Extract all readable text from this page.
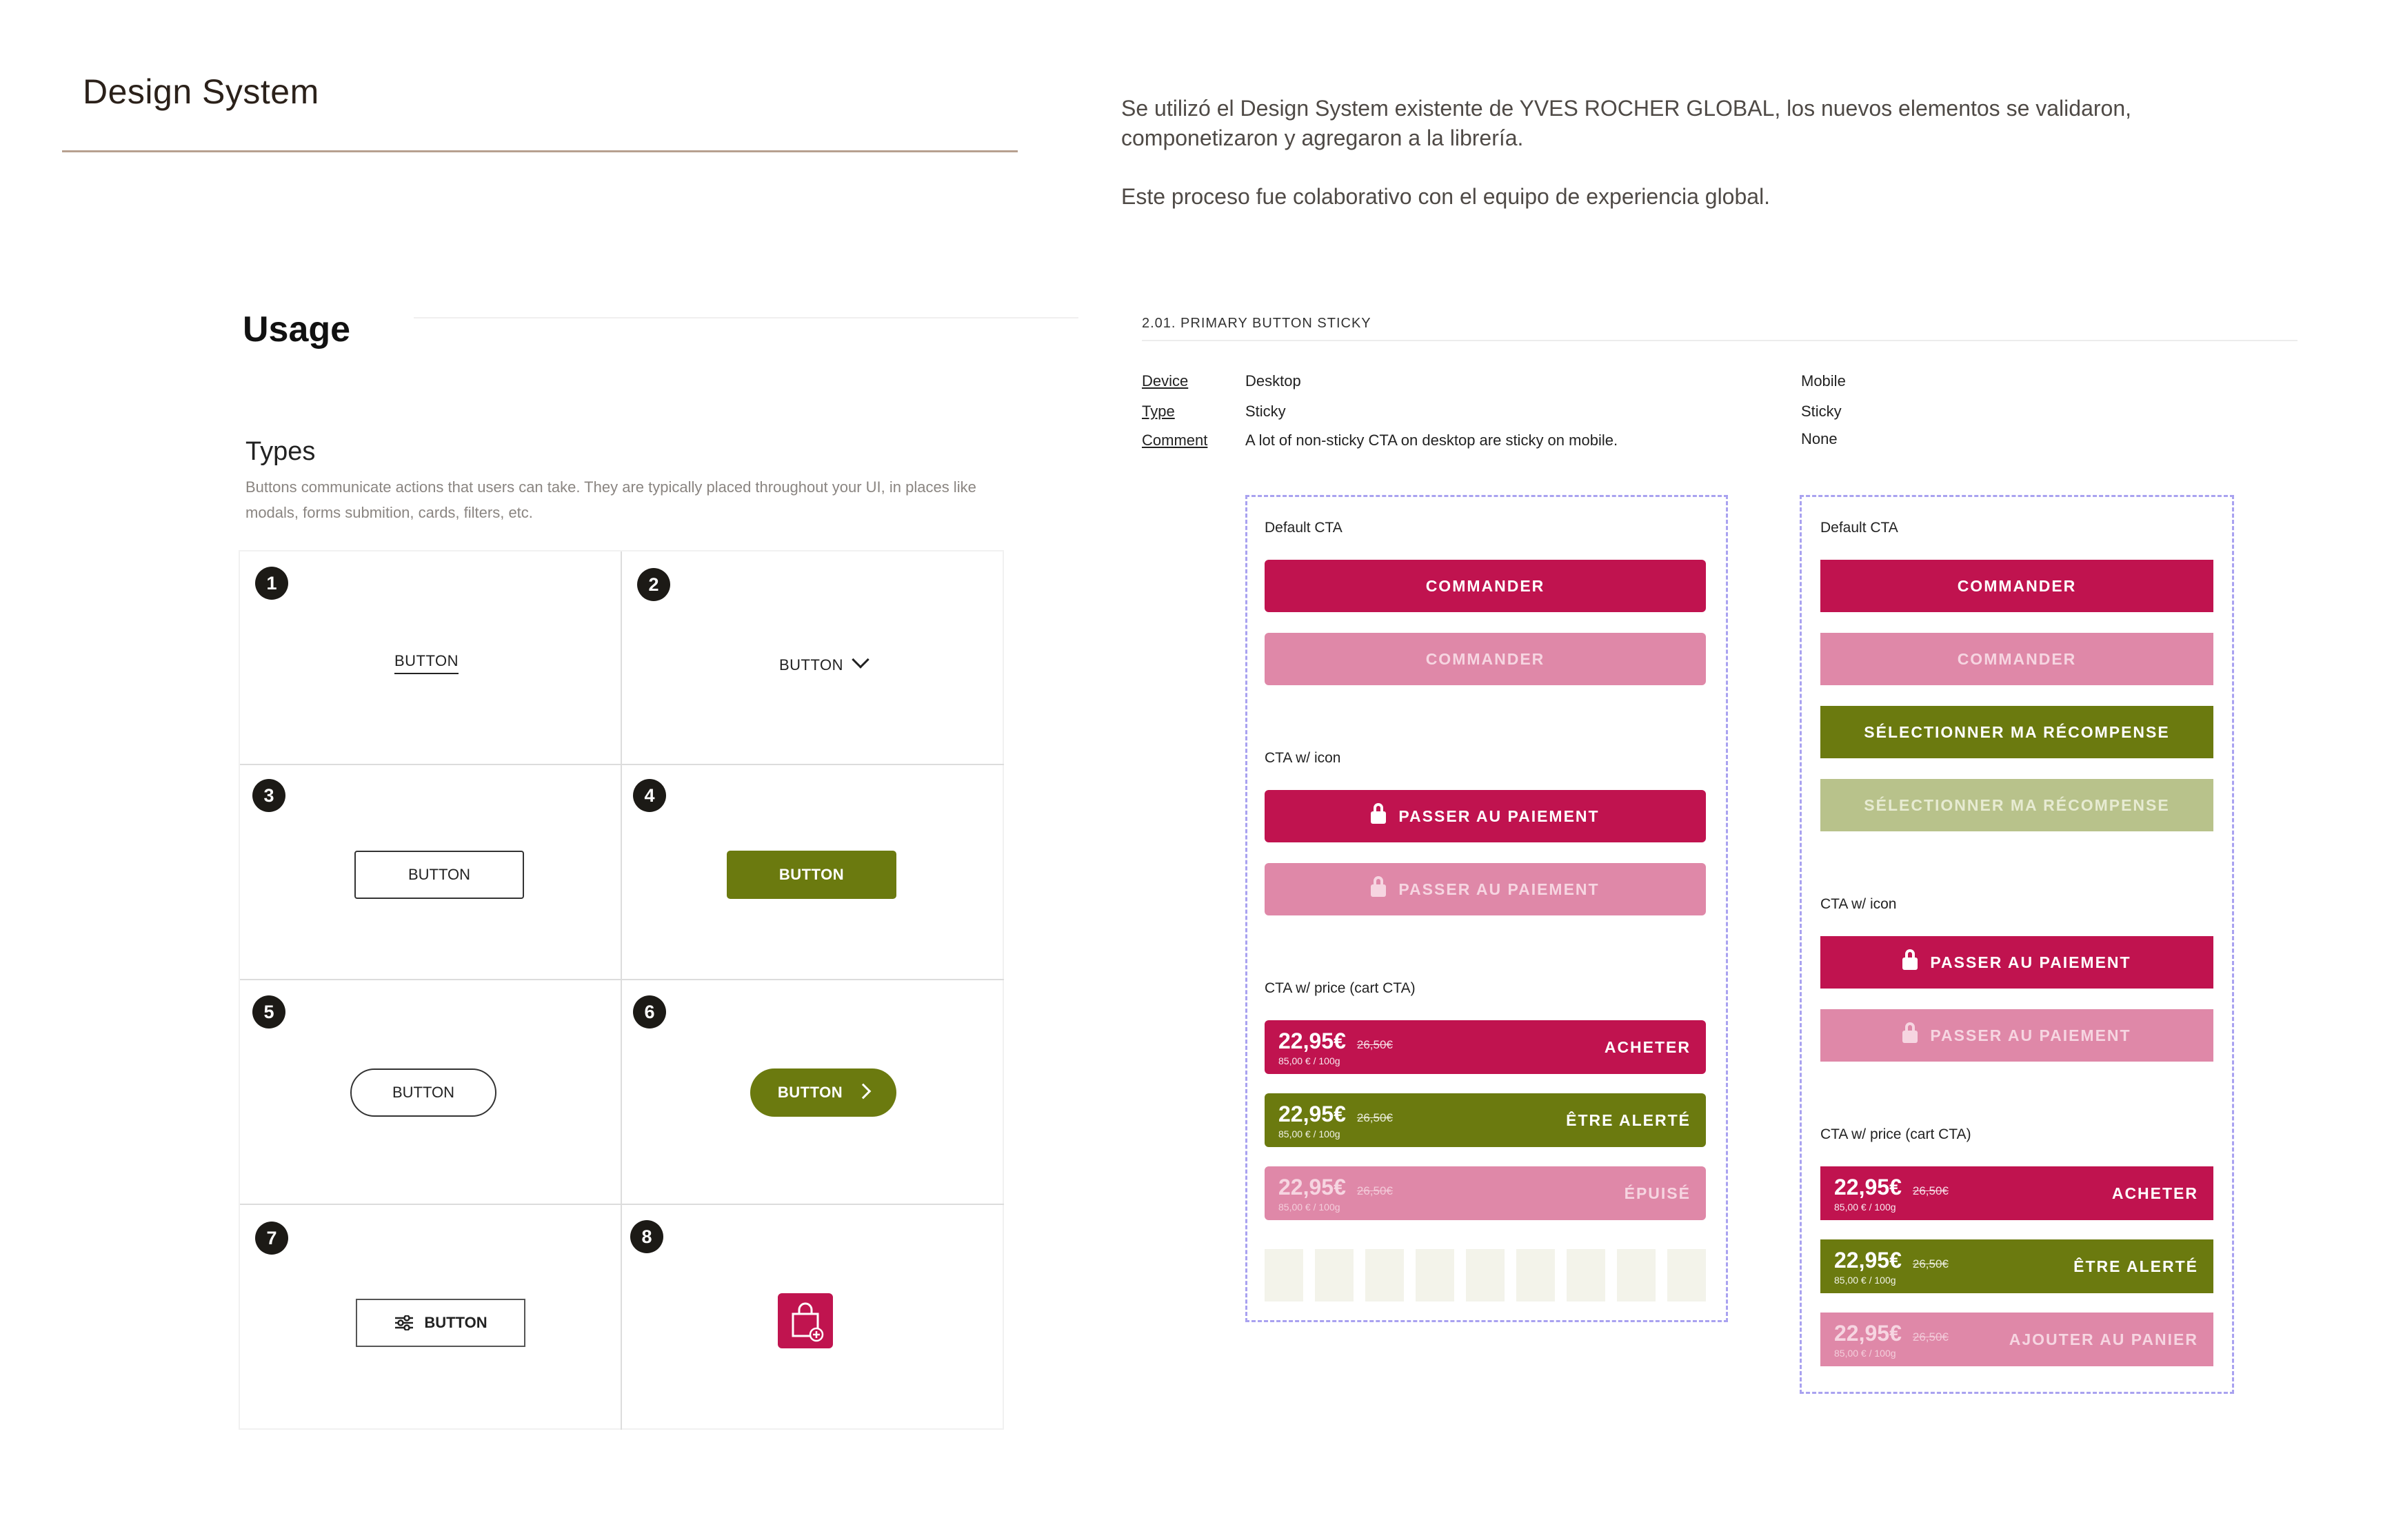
Design System	Se utilizó el Design System existente de YVES ROCHER GLOBAL, los nuevos elementos se validaron, componetizaron y agregaron a la librería.

Este proceso fue colaborativo con el equipo de experiencia global.

Usage
Types
Buttons communicate actions that users can take. They are typically placed throughout your UI, in places like modals, forms submition, cards, filters, etc.
1
BUTTON
2
BUTTON
3
BUTTON
4
BUTTON
5
BUTTON
6
BUTTON
7
BUTTON
8
2.01. PRIMARY BUTTON STICKY
Device
Type
Comment
Desktop
Sticky
A lot of non-sticky CTA on desktop are sticky on mobile.
Mobile
Sticky
None
Default CTA
COMMANDER
COMMANDER
CTA w/ icon
PASSER AU PAIEMENT
PASSER AU PAIEMENT
CTA w/ price (cart CTA)
22,95€ 26,50€
85,00 € / 100g
ACHETER
22,95€ 26,50€
85,00 € / 100g
ÊTRE ALERTÉ
22,95€ 26,50€
85,00 € / 100g
ÉPUISÉ
Default CTA
COMMANDER
COMMANDER
SÉLECTIONNER MA RÉCOMPENSE
SÉLECTIONNER MA RÉCOMPENSE
CTA w/ icon
PASSER AU PAIEMENT
PASSER AU PAIEMENT
CTA w/ price (cart CTA)
22,95€ 26,50€
85,00 € / 100g
ACHETER
22,95€ 26,50€
85,00 € / 100g
ÊTRE ALERTÉ
22,95€ 26,50€
85,00 € / 100g
AJOUTER AU PANIER
